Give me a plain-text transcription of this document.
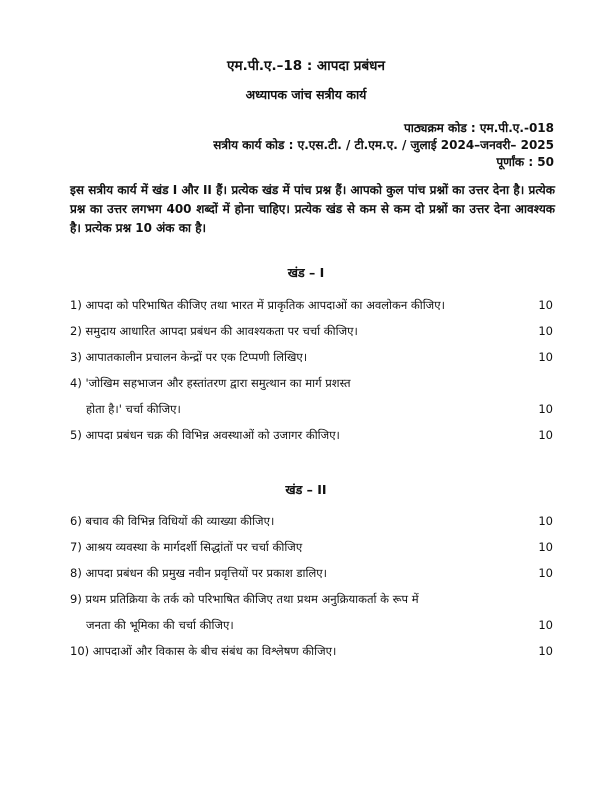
एम.पी.ए.–18 : आपदा प्रबंधन
अध्यापक जांच सत्रीय कार्य
पाठ्यक्रम कोड : एम.पी.ए.-018
सत्रीय कार्य कोड : ए.एस.टी. / टी.एम.ए. / जुलाई 2024–जनवरी– 2025
पूर्णांक : 50
इस सत्रीय कार्य में खंड I और II हैं। प्रत्येक खंड में पांच प्रश्न हैं। आपको कुल पांच प्रश्नों का उत्तर देना है। प्रत्येक प्रश्न का उत्तर लगभग 400 शब्दों में होना चाहिए। प्रत्येक खंड से कम से कम दो प्रश्नों का उत्तर देना आवश्यक है। प्रत्येक प्रश्न 10 अंक का है।
खंड – I
1) आपदा को परिभाषित कीजिए तथा भारत में प्राकृतिक आपदाओं का अवलोकन कीजिए।	10
2) समुदाय आधारित आपदा प्रबंधन की आवश्यकता पर चर्चा कीजिए।	10
3) आपातकालीन प्रचालन केन्द्रों पर एक टिप्पणी लिखिए।	10
4) 'जोखिम सहभाजन और हस्तांतरण द्वारा समुत्थान का मार्ग प्रशस्त
होता है।' चर्चा कीजिए।	10
5) आपदा प्रबंधन चक्र की विभिन्न अवस्थाओं को उजागर कीजिए।	10
खंड – II
6) बचाव की विभिन्न विधियों की व्याख्या कीजिए।	10
7) आश्रय व्यवस्था के मार्गदर्शी सिद्धांतों पर चर्चा कीजिए	10
8) आपदा प्रबंधन की प्रमुख नवीन प्रवृत्तियों पर प्रकाश डालिए।	10
9) प्रथम प्रतिक्रिया के तर्क को परिभाषित कीजिए तथा प्रथम अनुक्रियाकर्ता के रूप में
जनता की भूमिका की चर्चा कीजिए।	10
10) आपदाओं और विकास के बीच संबंध का विश्लेषण कीजिए।	10
